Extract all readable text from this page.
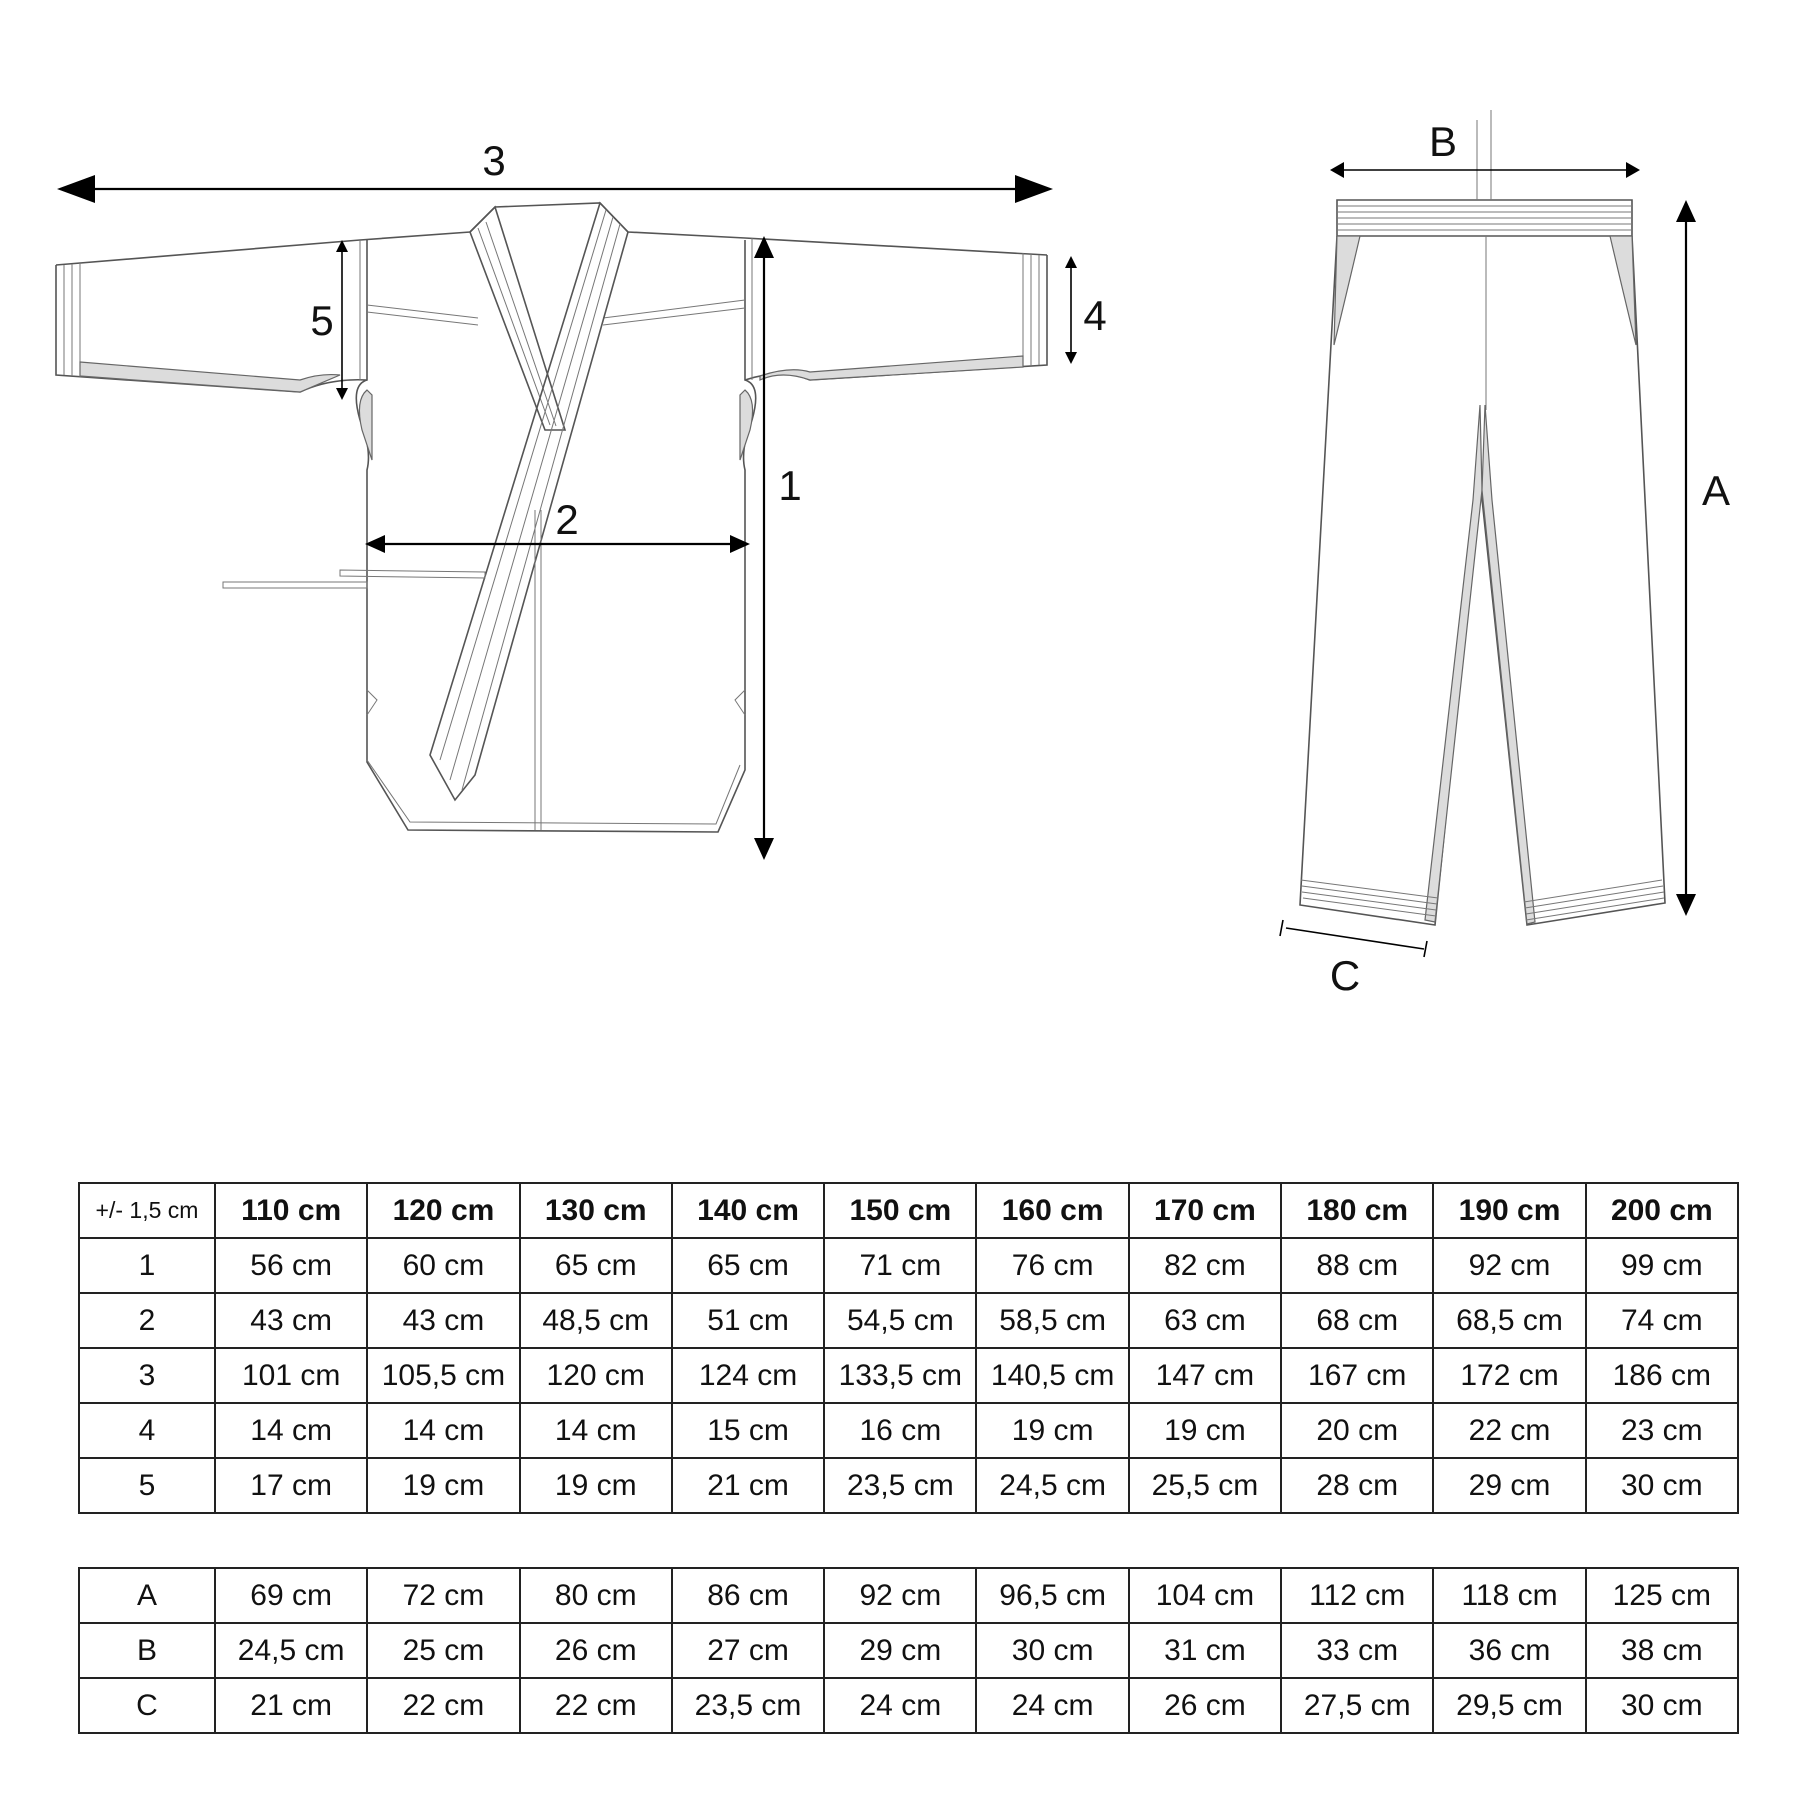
3
1
2
4
5
B
A
C
+/- 1,5 cm	110 cm	120 cm	130 cm	140 cm	150 cm	160 cm	170 cm	180 cm	190 cm	200 cm
1	56 cm	60 cm	65 cm	65 cm	71 cm	76 cm	82 cm	88 cm	92 cm	99 cm
2	43 cm	43 cm	48,5 cm	51 cm	54,5 cm	58,5 cm	63 cm	68 cm	68,5 cm	74 cm
3	101 cm	105,5 cm	120 cm	124 cm	133,5 cm	140,5 cm	147 cm	167 cm	172 cm	186 cm
4	14 cm	14 cm	14 cm	15 cm	16 cm	19 cm	19 cm	20 cm	22 cm	23 cm
5	17 cm	19 cm	19 cm	21 cm	23,5 cm	24,5 cm	25,5 cm	28 cm	29 cm	30 cm
A	69 cm	72 cm	80 cm	86 cm	92 cm	96,5 cm	104 cm	112 cm	118 cm	125 cm
B	24,5 cm	25 cm	26 cm	27 cm	29 cm	30 cm	31 cm	33 cm	36 cm	38 cm
C	21 cm	22 cm	22 cm	23,5 cm	24 cm	24 cm	26 cm	27,5 cm	29,5 cm	30 cm
